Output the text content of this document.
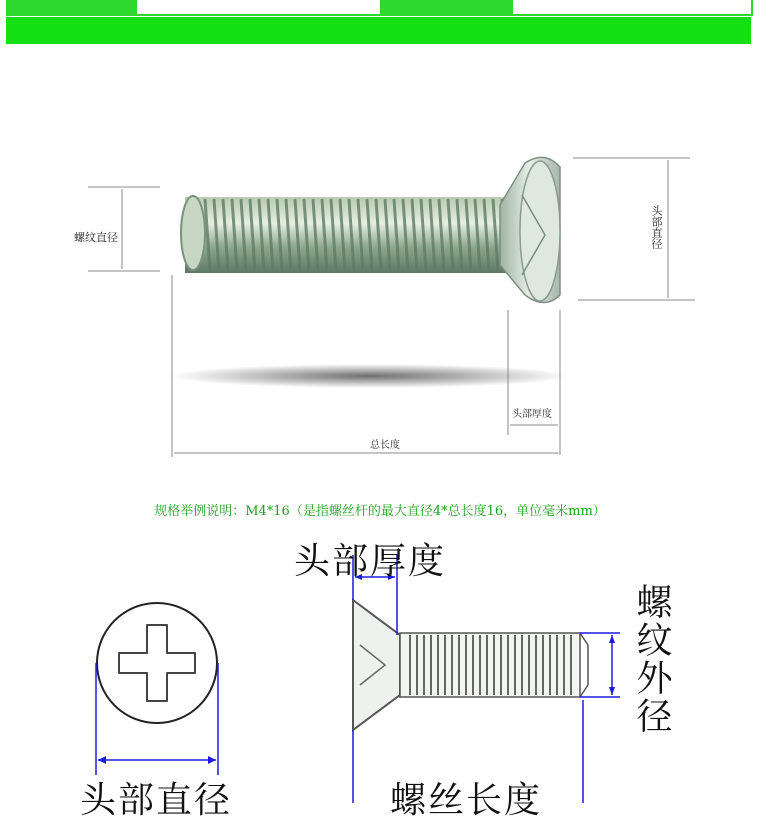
螺纹直径	头部直径
头部厚度
总长度
规格举例说明：M4*16（是指螺丝杆的最大直径4*总长度16，单位毫米mm）
头部厚度
螺纹外径
头部直径	螺丝长度
